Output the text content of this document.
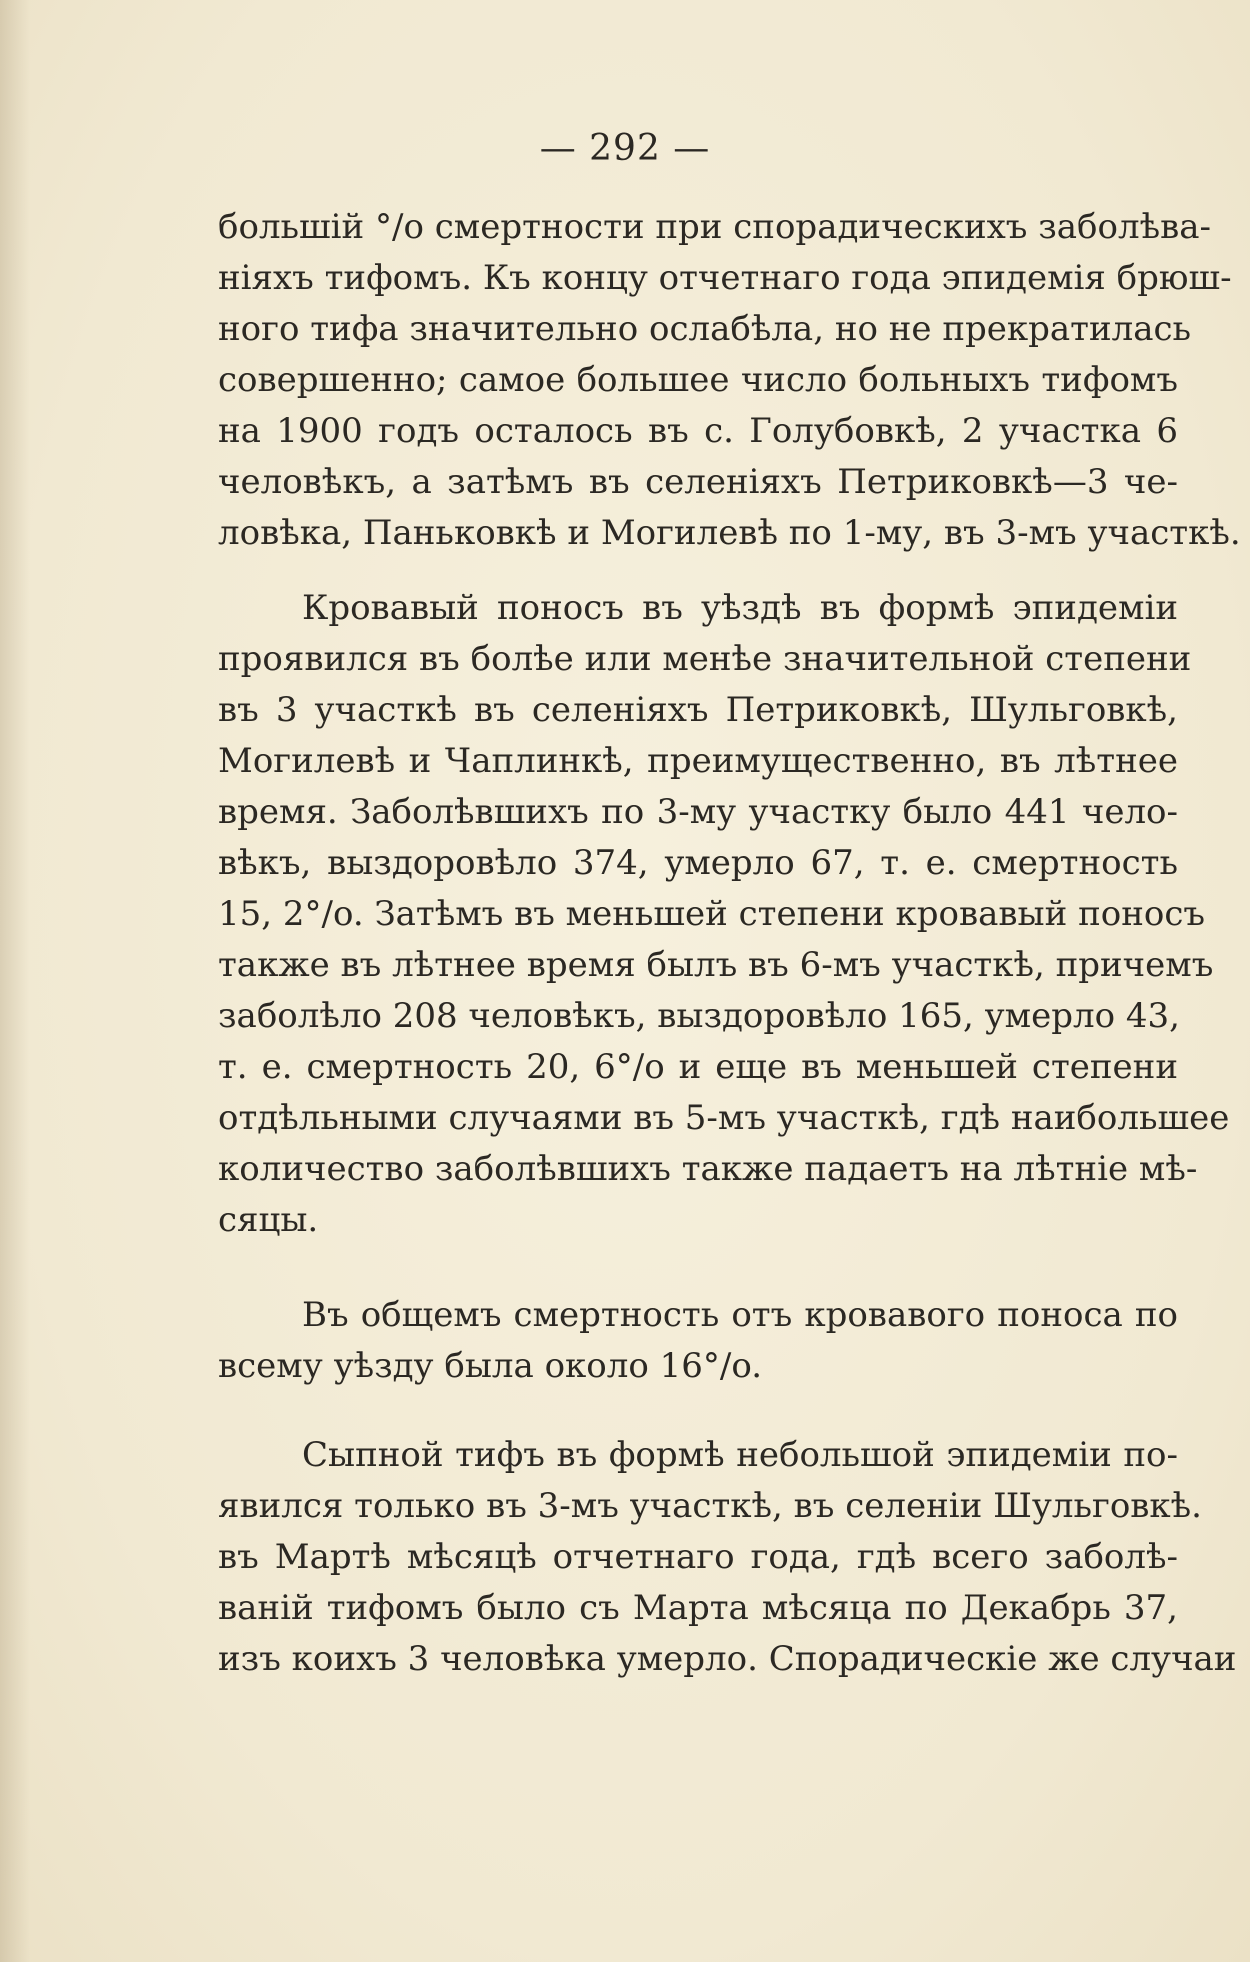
— 292 —
большій °/o смертности при спорадическихъ заболѣва-
ніяхъ тифомъ. Къ концу отчетнаго года эпидемія брюш-
ного тифа значительно ослабѣла, но не прекратилась
совершенно; самое большее число больныхъ тифомъ
на 1900 годъ осталось въ с. Голубовкѣ, 2 участка 6
человѣкъ, а затѣмъ въ селеніяхъ Петриковкѣ—3 че-
ловѣка, Паньковкѣ и Могилевѣ по 1-му, въ 3-мъ участкѣ.
Кровавый поносъ въ уѣздѣ въ формѣ эпидеміи
проявился въ болѣе или менѣе значительной степени
въ 3 участкѣ въ селеніяхъ Петриковкѣ, Шульговкѣ,
Могилевѣ и Чаплинкѣ, преимущественно, въ лѣтнее
время. Заболѣвшихъ по 3-му участку было 441 чело-
вѣкъ, выздоровѣло 374, умерло 67, т. е. смертность
15, 2°/o. Затѣмъ въ меньшей степени кровавый поносъ
также въ лѣтнее время былъ въ 6-мъ участкѣ, причемъ
заболѣло 208 человѣкъ, выздоровѣло 165, умерло 43,
т. е. смертность 20, 6°/o и еще въ меньшей степени
отдѣльными случаями въ 5-мъ участкѣ, гдѣ наибольшее
количество заболѣвшихъ также падаетъ на лѣтніе мѣ-
сяцы.
Въ общемъ смертность отъ кровавого поноса по
всему уѣзду была около 16°/o.
Сыпной тифъ въ формѣ небольшой эпидеміи по-
явился только въ 3-мъ участкѣ, въ селеніи Шульговкѣ.
въ Мартѣ мѣсяцѣ отчетнаго года, гдѣ всего заболѣ-
ваній тифомъ было съ Марта мѣсяца по Декабрь 37,
изъ коихъ 3 человѣка умерло. Спорадическіе же случаи
